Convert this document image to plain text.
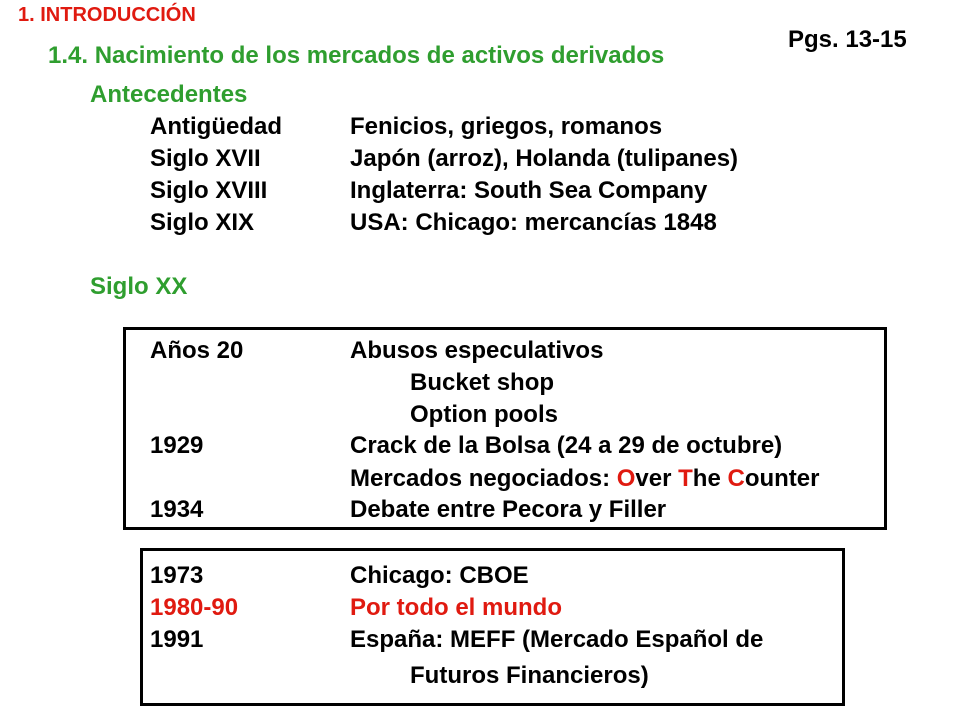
1. INTRODUCCIÓN
1.4. Nacimiento de los mercados de activos derivados
Pgs. 13-15
Antecedentes
Antigüedad	Fenicios, griegos, romanos
Siglo XVII	Japón (arroz), Holanda (tulipanes)
Siglo XVIII	Inglaterra: South Sea Company
Siglo XIX	USA: Chicago: mercancías 1848
Siglo XX
Años 20	Abusos especulativos
Bucket shop
Option pools
1929	Crack de la Bolsa (24 a 29 de octubre)
Mercados negociados: Over The Counter
1934	Debate entre Pecora y Filler
1973	Chicago: CBOE
1980-90	Por todo el mundo
1991	España: MEFF (Mercado Español de
Futuros Financieros)
